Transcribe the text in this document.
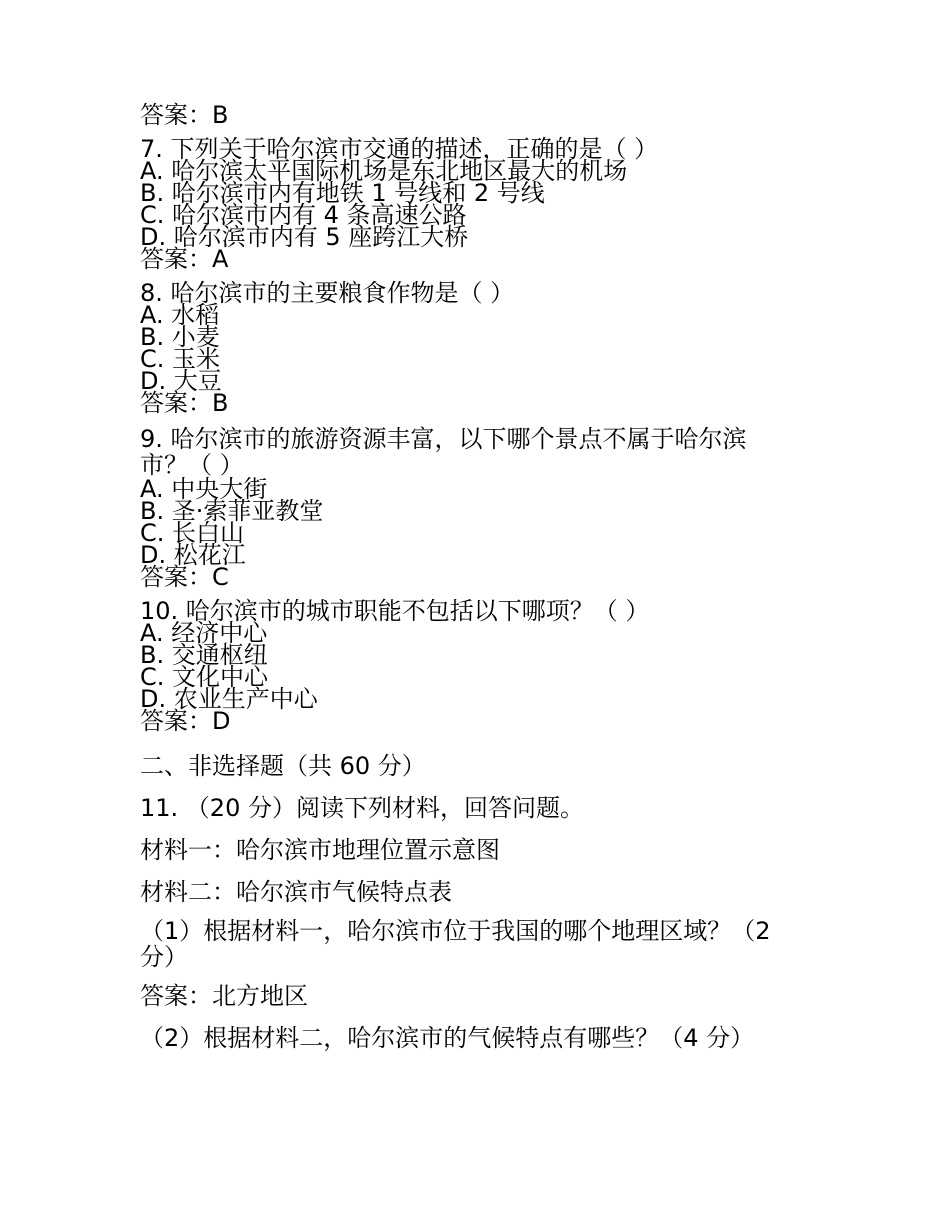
答案：B
7. 下列关于哈尔滨市交通的描述，正确的是（ ）
A. 哈尔滨太平国际机场是东北地区最大的机场
B. 哈尔滨市内有地铁 1 号线和 2 号线
C. 哈尔滨市内有 4 条高速公路
D. 哈尔滨市内有 5 座跨江大桥
答案：A
8. 哈尔滨市的主要粮食作物是（ ）
A. 水稻
B. 小麦
C. 玉米
D. 大豆
答案：B
9. 哈尔滨市的旅游资源丰富，以下哪个景点不属于哈尔滨市？（ ）
A. 中央大街
B. 圣·索菲亚教堂
C. 长白山
D. 松花江
答案：C
10. 哈尔滨市的城市职能不包括以下哪项？（ ）
A. 经济中心
B. 交通枢纽
C. 文化中心
D. 农业生产中心
答案：D
二、非选择题（共 60 分）
11. （20 分）阅读下列材料，回答问题。
材料一：哈尔滨市地理位置示意图
材料二：哈尔滨市气候特点表
（1）根据材料一，哈尔滨市位于我国的哪个地理区域？（2 分）
答案：北方地区
（2）根据材料二，哈尔滨市的气候特点有哪些？（4 分）
